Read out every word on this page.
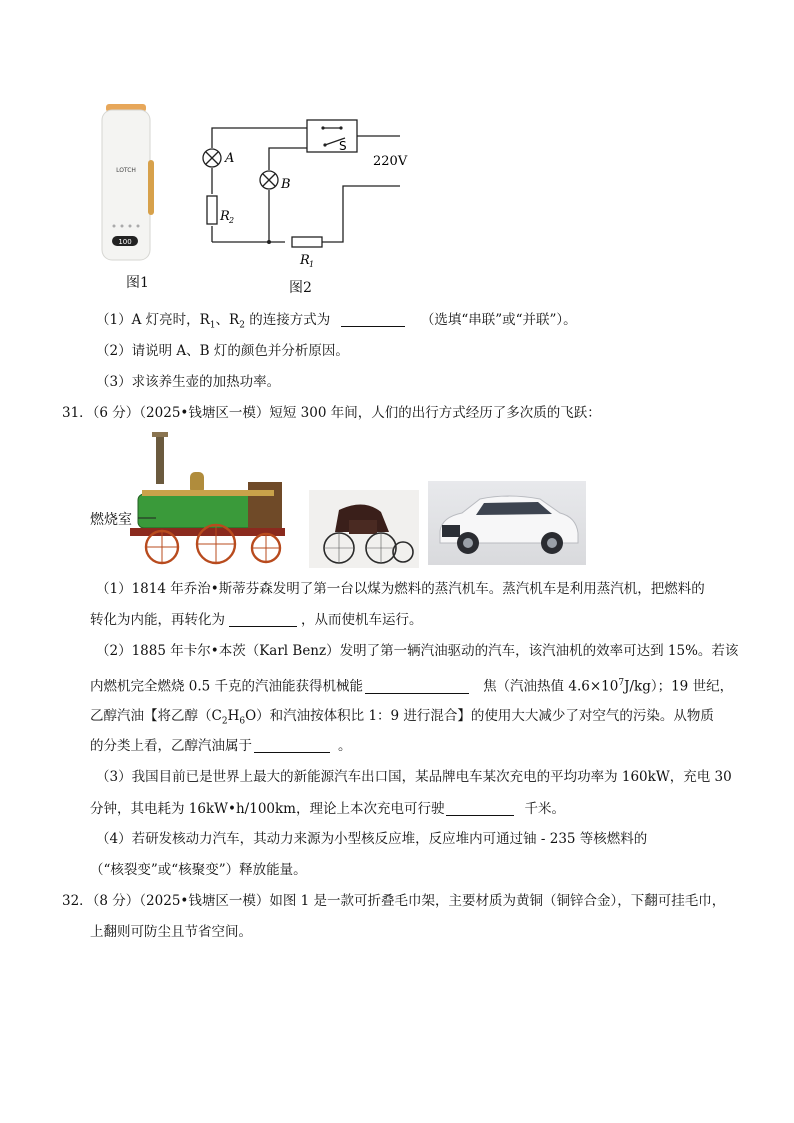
LOTCH
100
图1
A
B
R 2
R 1
S
220V
图2
（1）A 灯亮时，$R_1$、$R_2$ 的连接方式为	（选填“串联”或“并联”）。
（2）请说明 A、B 灯的颜色并分析原因。
（3）求该养生壶的加热功率。
31．（6 分）（2025•钱塘区一模）短短 300 年间，人们的出行方式经历了多次质的飞跃：
燃烧室
（1）1814 年乔治•斯蒂芬森发明了第一台以煤为燃料的蒸汽机车。蒸汽机车是利用蒸汽机，把燃料的
转化为内能，再转化为	，从而使机车运行。
（2）1885 年卡尔•本茨（Karl Benz）发明了第一辆汽油驱动的汽车，该汽油机的效率可达到 15%。若该
内燃机完全燃烧 0.5 千克的汽油能获得机械能	焦（汽油热值 $4.6\times 10^7J/kg$）；19 世纪，
乙醇汽油【将乙醇$(C_2H_6O)$和汽油按体积比 1：9 进行混合】的使用大大减少了对空气的污染。从物质
的分类上看，乙醇汽油属于	。
（3）我国目前已是世界上最大的新能源汽车出口国，某品牌电车某次充电的平均功率为 160kW，充电 30
分钟，其电耗为 16kW•h/100km，理论上本次充电可行驶	千米。
（4）若研发核动力汽车，其动力来源为小型核反应堆，反应堆内可通过铀 - 235 等核燃料的
（“核裂变”或“核聚变”）释放能量。
32．（8 分）（2025•钱塘区一模）如图 1 是一款可折叠毛巾架，主要材质为黄铜（铜锌合金），下翻可挂毛巾，
上翻则可防尘且节省空间。
